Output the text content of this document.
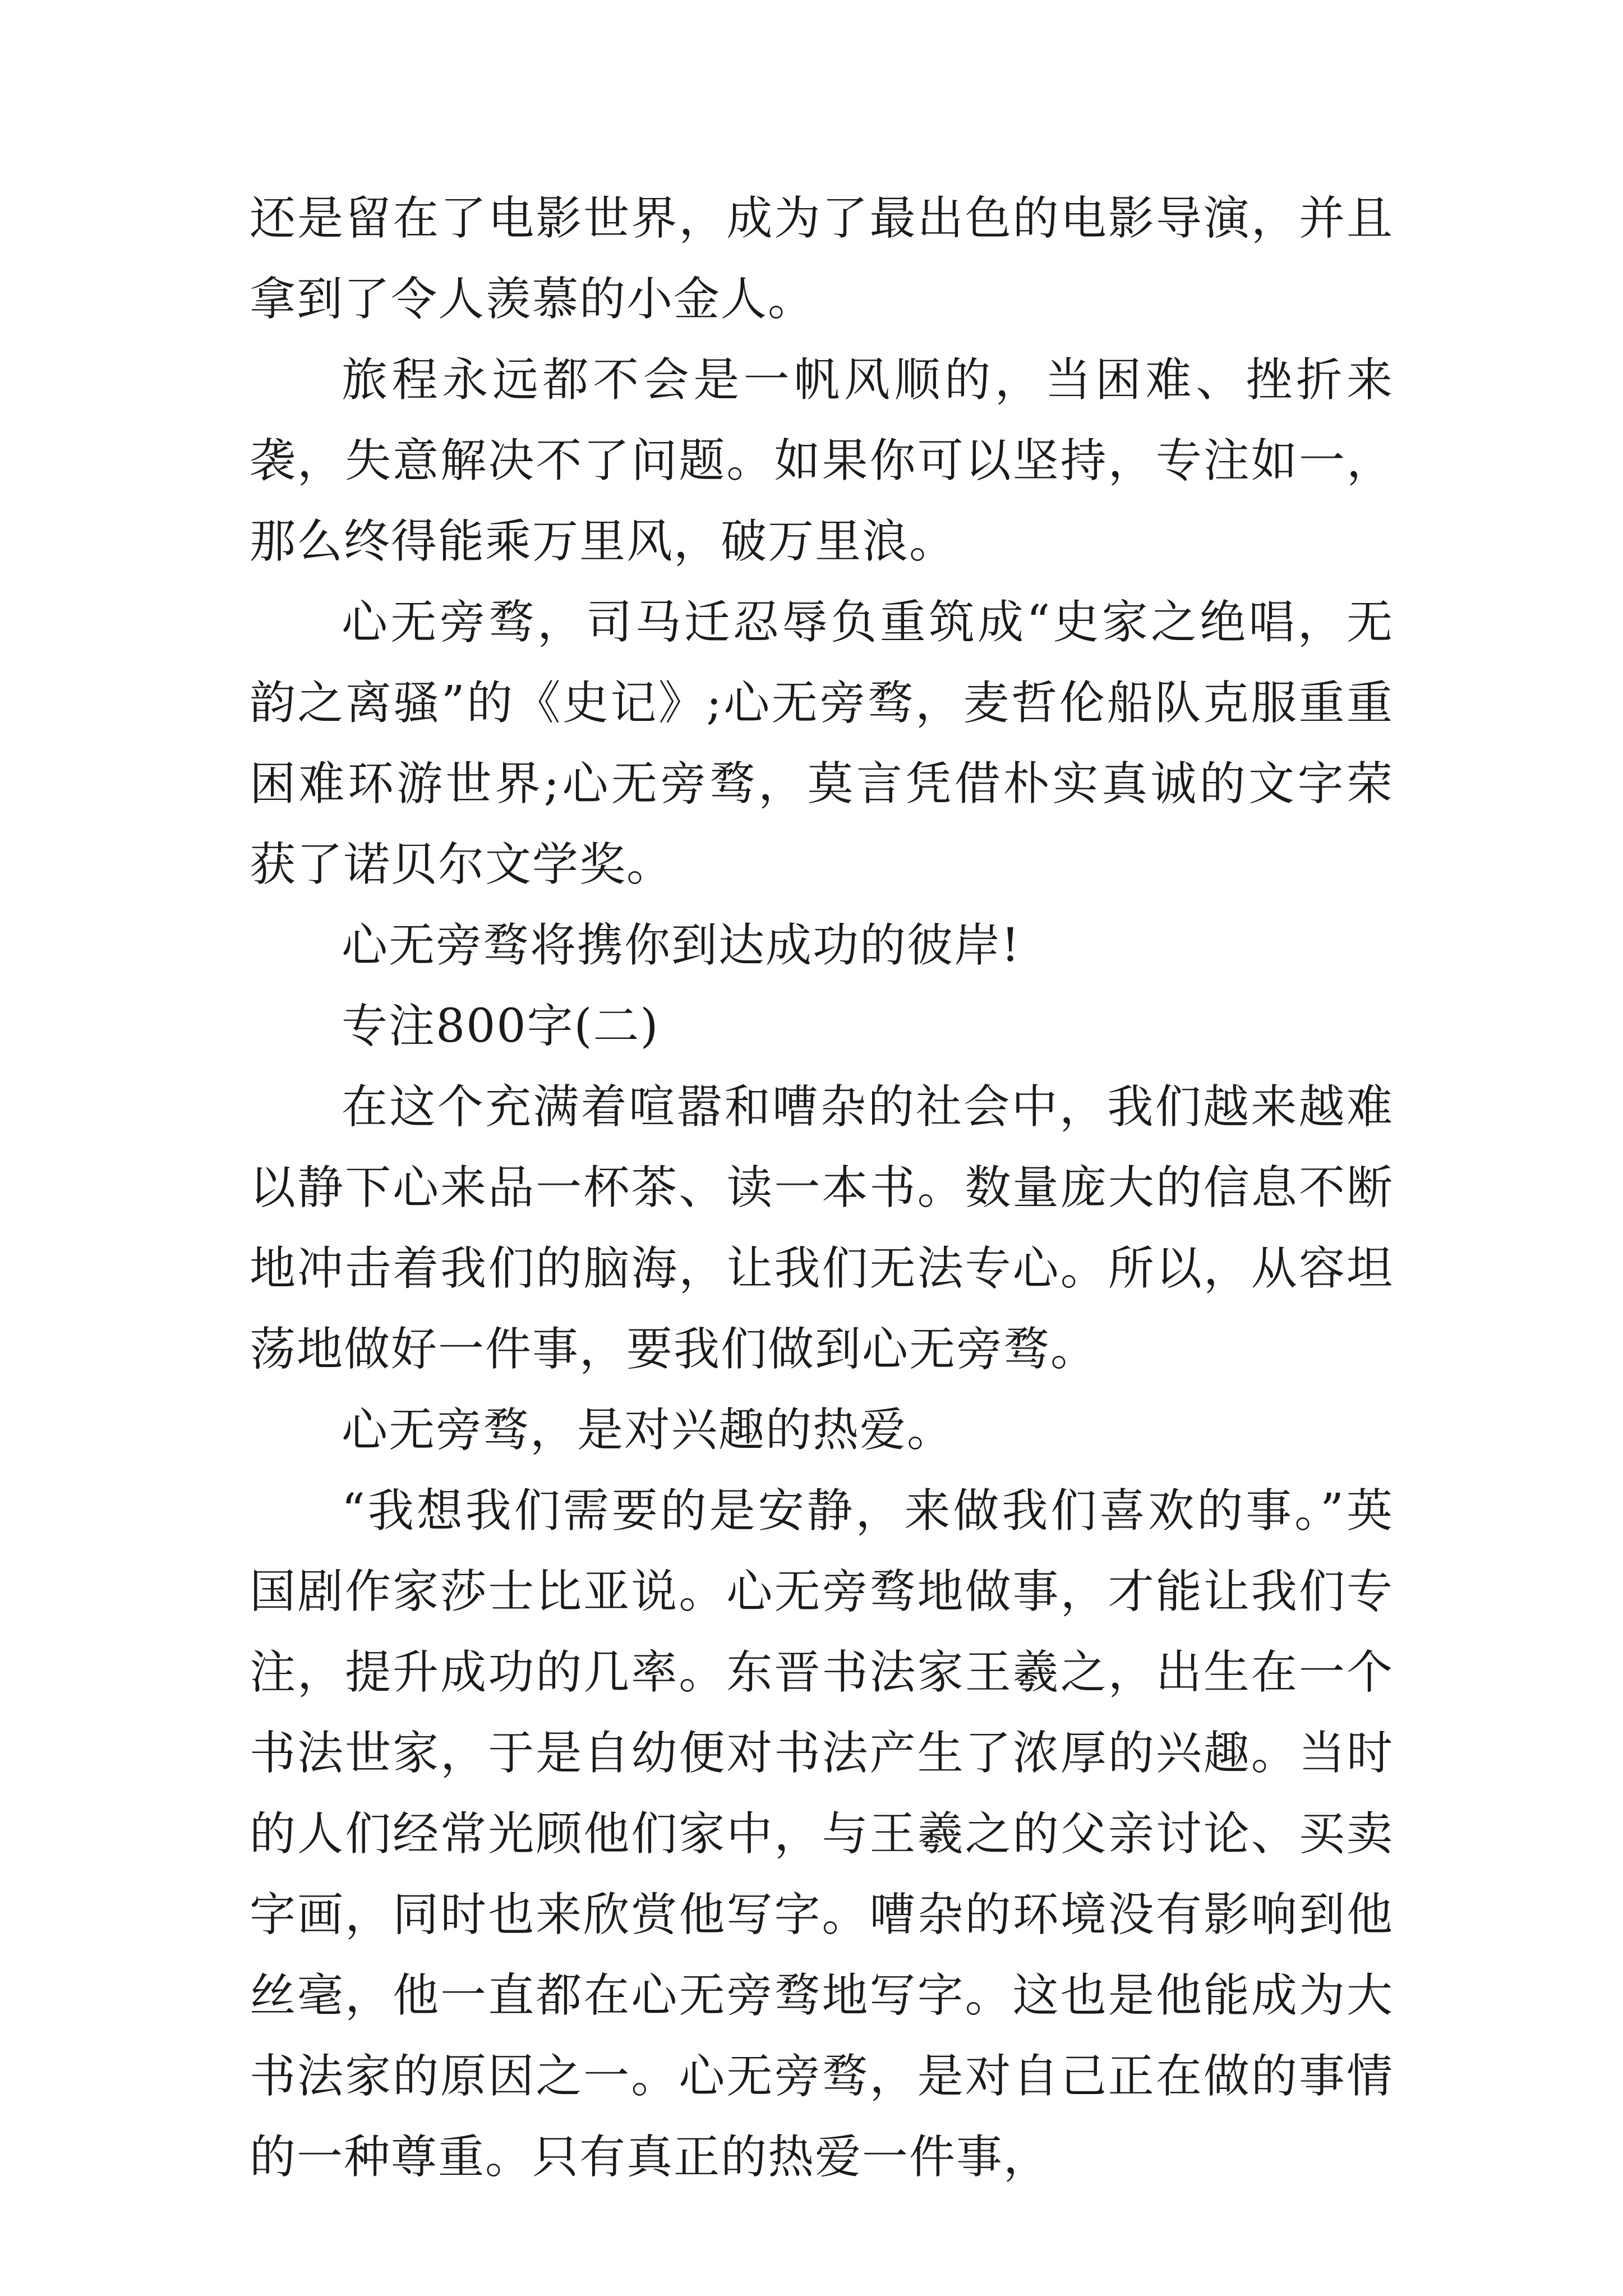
还是留在了电影世界，成为了最出色的电影导演，并且拿到了令人羡慕的小金人。

旅程永远都不会是一帆风顺的，当困难、挫折来袭，失意解决不了问题。如果你可以坚持，专注如一，那么终得能乘万里风，破万里浪。

心无旁骛，司马迁忍辱负重筑成“史家之绝唱，无韵之离骚”的《史记》;心无旁骛，麦哲伦船队克服重重困难环游世界;心无旁骛，莫言凭借朴实真诚的文字荣获了诺贝尔文学奖。

心无旁骛将携你到达成功的彼岸!

专注800字(二)

在这个充满着喧嚣和嘈杂的社会中，我们越来越难以静下心来品一杯茶、读一本书。数量庞大的信息不断地冲击着我们的脑海，让我们无法专心。所以，从容坦荡地做好一件事，要我们做到心无旁骛。

心无旁骛，是对兴趣的热爱。

“我想我们需要的是安静，来做我们喜欢的事。”英国剧作家莎士比亚说。心无旁骛地做事，才能让我们专注，提升成功的几率。东晋书法家王羲之，出生在一个书法世家，于是自幼便对书法产生了浓厚的兴趣。当时的人们经常光顾他们家中，与王羲之的父亲讨论、买卖字画，同时也来欣赏他写字。嘈杂的环境没有影响到他丝毫，他一直都在心无旁骛地写字。这也是他能成为大书法家的原因之一。心无旁骛，是对自己正在做的事情的一种尊重。只有真正的热爱一件事，
